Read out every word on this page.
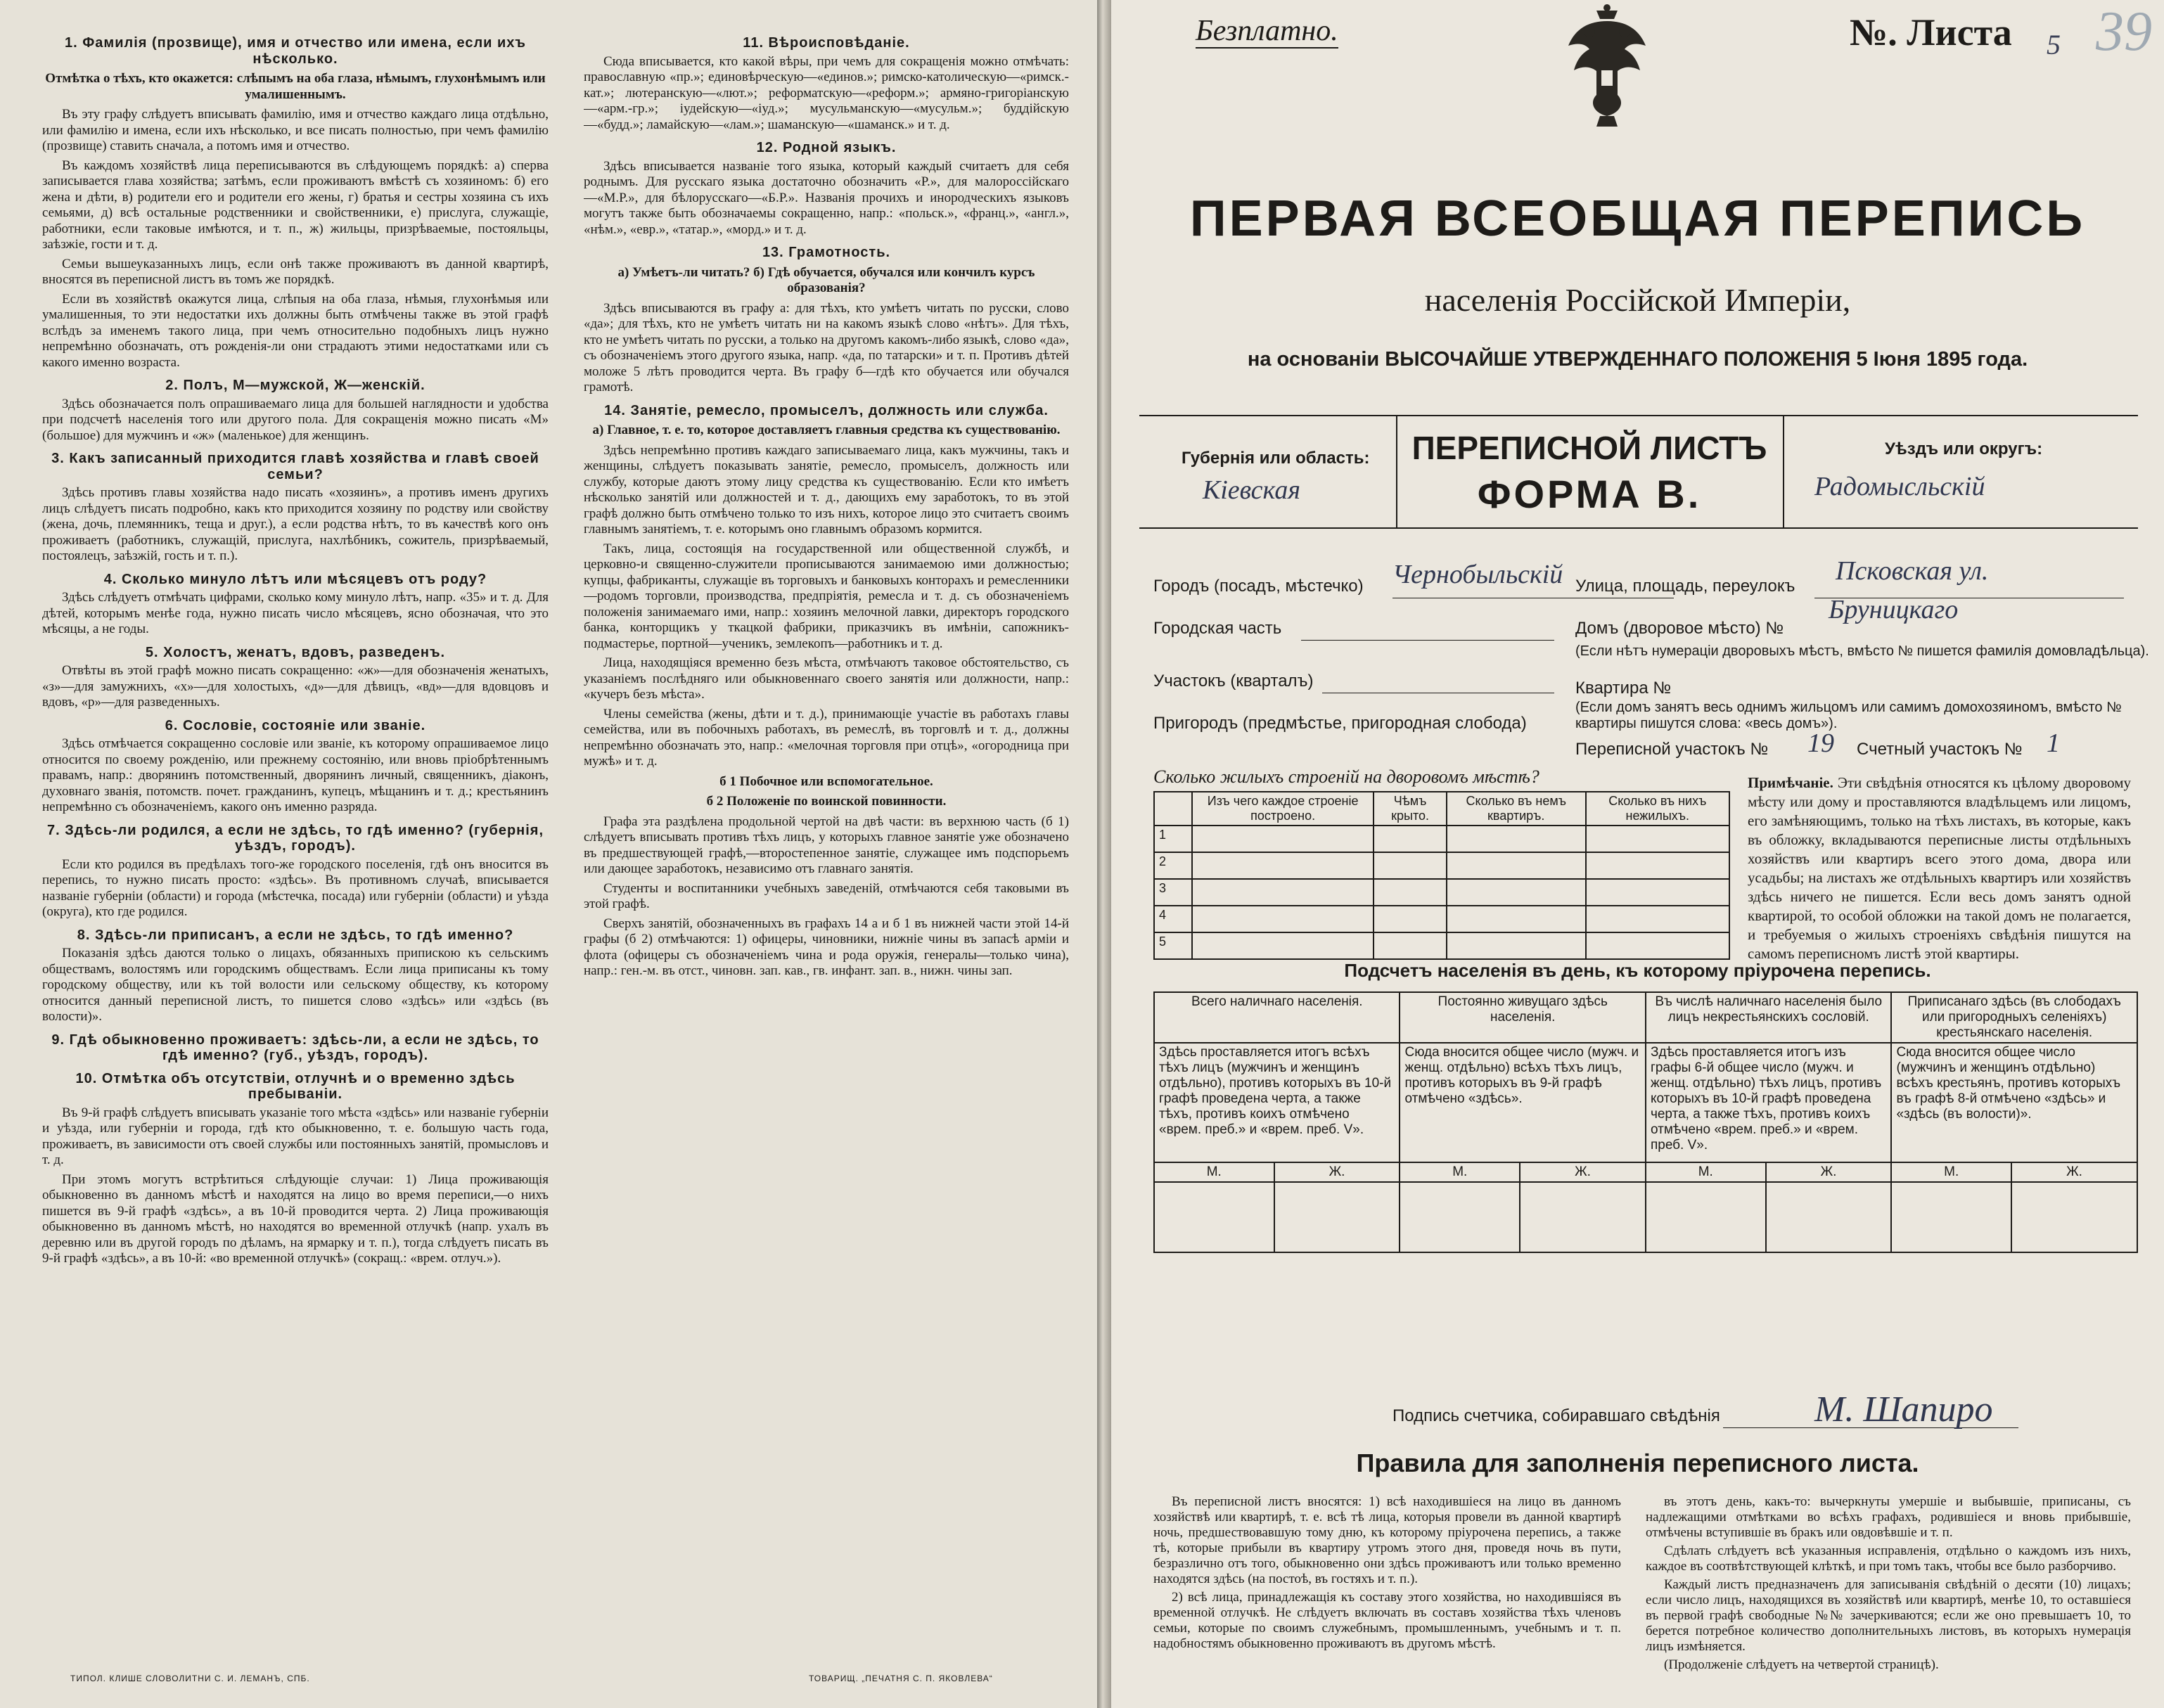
1. Фамилія (прозвище), имя и отчество или имена, если ихъ нѣсколько.
Отмѣтка о тѣхъ, кто окажется: слѣпымъ на оба глаза, нѣмымъ, глухонѣмымъ или умалишеннымъ.

Въ эту графу слѣдуетъ вписывать фамилію, имя и отчество каждаго лица отдѣльно, или фамилію и имена, если ихъ нѣсколько, и все писать полностью, при чемъ фамилію (прозвище) ставить сначала, а потомъ имя и отчество.

Въ каждомъ хозяйствѣ лица переписываются въ слѣдующемъ порядкѣ: а) сперва записывается глава хозяйства; затѣмъ, если проживаютъ вмѣстѣ съ хозяиномъ: б) его жена и дѣти, в) родители его и родители его жены, г) братья и сестры хозяина съ ихъ семьями, д) всѣ остальные родственники и свойственники, е) прислуга, служащіе, работники, если таковые имѣются, и т. п., ж) жильцы, призрѣваемые, постояльцы, заѣзжіе, гости и т. д.

Семьи вышеуказанныхъ лицъ, если онѣ также проживаютъ въ данной квартирѣ, вносятся въ переписной листъ въ томъ же порядкѣ.

Если въ хозяйствѣ окажутся лица, слѣпыя на оба глаза, нѣмыя, глухонѣмыя или умалишенныя, то эти недостатки ихъ должны быть отмѣчены также въ этой графѣ вслѣдъ за именемъ такого лица, при чемъ относительно подобныхъ лицъ нужно непремѣнно обозначать, отъ рожденія-ли они страдаютъ этими недостатками или съ какого именно возраста.

2. Полъ, М—мужской, Ж—женскій.

Здѣсь обозначается полъ опрашиваемаго лица для большей наглядности и удобства при подсчетѣ населенія того или другого пола. Для сокращенія можно писать «М» (большое) для мужчинъ и «ж» (маленькое) для женщинъ.

3. Какъ записанный приходится главѣ хозяйства и главѣ своей семьи?

Здѣсь противъ главы хозяйства надо писать «хозяинъ», а противъ именъ другихъ лицъ слѣдуетъ писать подробно, какъ кто приходится хозяину по родству или свойству (жена, дочь, племянникъ, теща и друг.), а если родства нѣтъ, то въ качествѣ кого онъ проживаетъ (работникъ, служащій, прислуга, нахлѣбникъ, сожитель, призрѣваемый, постоялецъ, заѣзжій, гость и т. п.).

4. Сколько минуло лѣтъ или мѣсяцевъ отъ роду?

Здѣсь слѣдуетъ отмѣчать цифрами, сколько кому минуло лѣтъ, напр. «35» и т. д. Для дѣтей, которымъ менѣе года, нужно писать число мѣсяцевъ, ясно обозначая, что это мѣсяцы, а не годы.

5. Холостъ, женатъ, вдовъ, разведенъ.

Отвѣты въ этой графѣ можно писать сокращенно: «ж»—для обозначенія женатыхъ, «з»—для замужнихъ, «х»—для холостыхъ, «д»—для дѣвицъ, «вд»—для вдовцовъ и вдовъ, «р»—для разведенныхъ.

6. Сословіе, состояніе или званіе.

Здѣсь отмѣчается сокращенно сословіе или званіе, къ которому опрашиваемое лицо относится по своему рожденію, или прежнему состоянію, или вновь пріобрѣтеннымъ правамъ, напр.: дворянинъ потомственный, дворянинъ личный, священникъ, діаконъ, духовнаго званія, потомств. почет. гражданинъ, купецъ, мѣщанинъ и т. д.; крестьянинъ непремѣнно съ обозначеніемъ, какого онъ именно разряда.

7. Здѣсь-ли родился, а если не здѣсь, то гдѣ именно? (губернія, уѣздъ, городъ).

Если кто родился въ предѣлахъ того-же городского поселенія, гдѣ онъ вносится въ перепись, то нужно писать просто: «здѣсь». Въ противномъ случаѣ, вписывается названіе губерніи (области) и города (мѣстечка, посада) или губерніи (области) и уѣзда (округа), кто где родился.

8. Здѣсь-ли приписанъ, а если не здѣсь, то гдѣ именно?

Показанія здѣсь даются только о лицахъ, обязанныхъ припискою къ сельскимъ обществамъ, волостямъ или городскимъ обществамъ. Если лица приписаны къ тому городскому обществу, или къ той волости или сельскому обществу, къ которому относится данный переписной листъ, то пишется слово «здѣсь» или «здѣсь (въ волости)».

9. Гдѣ обыкновенно проживаетъ: здѣсь-ли, а если не здѣсь, то гдѣ именно? (губ., уѣздъ, городъ).
10. Отмѣтка объ отсутствіи, отлучнѣ и о временно здѣсь пребываніи.

Въ 9-й графѣ слѣдуетъ вписывать указаніе того мѣста «здѣсь» или названіе губерніи и уѣзда, или губерніи и города, гдѣ кто обыкновенно, т. е. большую часть года, проживаетъ, въ зависимости отъ своей службы или постоянныхъ занятій, промысловъ и т. д.

При этомъ могутъ встрѣтиться слѣдующіе случаи: 1) Лица проживающія обыкновенно въ данномъ мѣстѣ и находятся на лицо во время переписи,—о нихъ пишется въ 9-й графѣ «здѣсь», а въ 10-й проводится черта. 2) Лица проживающія обыкновенно въ данномъ мѣстѣ, но находятся во временной отлучкѣ (напр. ухалъ въ деревню или въ другой городъ по дѣламъ, на ярмарку и т. п.), тогда слѣдуетъ писать въ 9-й графѣ «здѣсь», а въ 10-й: «во временной отлучкѣ» (сокращ.: «врем. отлуч.»).

11. Вѣроисповѣданіе.

Сюда вписывается, кто какой вѣры, при чемъ для сокращенія можно отмѣчать: православную «пр.»; единовѣрческую—«единов.»; римско-католическую—«римск.-кат.»; лютеранскую—«лют.»; реформатскую—«реформ.»; армяно-григоріанскую—«арм.-гр.»; іудейскую—«іуд.»; мусульманскую—«мусульм.»; буддійскую—«будд.»; ламайскую—«лам.»; шаманскую—«шаманск.» и т. д.

12. Родной языкъ.

Здѣсь вписывается названіе того языка, который каждый считаетъ для себя роднымъ. Для русскаго языка достаточно обозначить «Р.», для малороссійскаго—«М.Р.», для бѣлорусскаго—«Б.Р.». Названія прочихъ и инородческихъ языковъ могутъ также быть обозначаемы сокращенно, напр.: «польск.», «франц.», «англ.», «нѣм.», «евр.», «татар.», «морд.» и т. д.

13. Грамотность.
а) Умѣетъ-ли читать? б) Гдѣ обучается, обучался или кончилъ курсъ образованія?

Здѣсь вписываются въ графу а: для тѣхъ, кто умѣетъ читать по русски, слово «да»; для тѣхъ, кто не умѣетъ читать ни на какомъ языкѣ слово «нѣтъ». Для тѣхъ, кто не умѣетъ читать по русски, а только на другомъ какомъ-либо языкѣ, слово «да», съ обозначеніемъ этого другого языка, напр. «да, по татарски» и т. п. Противъ дѣтей моложе 5 лѣтъ проводится черта. Въ графу б—гдѣ кто обучается или обучался грамотѣ.

14. Занятіе, ремесло, промыселъ, должность или служба.
а) Главное, т. е. то, которое доставляетъ главныя средства къ существованію.

Здѣсь непремѣнно противъ каждаго записываемаго лица, какъ мужчины, такъ и женщины, слѣдуетъ показывать занятіе, ремесло, промыселъ, должность или службу, которые даютъ этому лицу средства къ существованію. Если кто имѣетъ нѣсколько занятій или должностей и т. д., дающихъ ему заработокъ, то въ этой графѣ должно быть отмѣчено только то изъ нихъ, которое лицо это считаетъ своимъ главнымъ занятіемъ, т. е. которымъ оно главнымъ образомъ кормится.

Такъ, лица, состоящія на государственной или общественной службѣ, и церковно-и священно-служители прописываются занимаемою ими должностью; купцы, фабриканты, служащіе въ торговыхъ и банковыхъ конторахъ и ремесленники—родомъ торговли, производства, предпріятія, ремесла и т. д. съ обозначеніемъ положенія занимаемаго ими, напр.: хозяинъ мелочной лавки, директоръ городского банка, конторщикъ у ткацкой фабрики, приказчикъ въ имѣніи, сапожникъ-подмастерье, портной—ученикъ, землекопъ—работникъ и т. д.

Лица, находящіяся временно безъ мѣста, отмѣчаютъ таковое обстоятельство, съ указаніемъ послѣдняго или обыкновеннаго своего занятія или должности, напр.: «кучеръ безъ мѣста».

Члены семейства (жены, дѣти и т. д.), принимающіе участіе въ работахъ главы семейства, или въ побочныхъ работахъ, въ ремеслѣ, въ торговлѣ и т. д., должны непремѣнно обозначать это, напр.: «мелочная торговля при отцѣ», «огородница при мужѣ» и т. д.

б 1 Побочное или вспомогательное.
б 2 Положеніе по воинской повинности.

Графа эта раздѣлена продольной чертой на двѣ части: въ верхнюю часть (б 1) слѣдуетъ вписывать противъ тѣхъ лицъ, у которыхъ главное занятіе уже обозначено въ предшествующей графѣ,—второстепенное занятіе, служащее имъ подспорьемъ или дающее заработокъ, независимо отъ главнаго занятія.

Студенты и воспитанники учебныхъ заведеній, отмѣчаются себя таковыми въ этой графѣ.

Сверхъ занятій, обозначенныхъ въ графахъ 14 а и б 1 въ нижней части этой 14-й графы (б 2) отмѣчаются: 1) офицеры, чиновники, нижніе чины въ запасѣ арміи и флота (офицеры съ обозначеніемъ чина и рода оружія, генералы—только чина), напр.: ген.-м. въ отст., чиновн. зап. кав., гв. инфант. зап. в., нижн. чины зап.

ТИПОЛ. КЛИШЕ СЛОВОЛИТНИ С. И. ЛЕМАНЪ, СПБ.	ТОВАРИЩ. „ПЕЧАТНЯ С. П. ЯКОВЛЕВА“
Безплатно.	№. Листа 5 39
ПЕРВАЯ ВСЕОБЩАЯ ПЕРЕПИСЬ
населенія Россійской Имперіи,
на основаніи ВЫСОЧАЙШЕ УТВЕРЖДЕННАГО ПОЛОЖЕНІЯ 5 Іюня 1895 года.
Губернія или область:
Кіевская
ПЕРЕПИСНОЙ ЛИСТЪ
ФОРМА В.
Уѣздъ или округъ:
Радомысльскій
Городъ (посадъ, мѣстечко) Чернобыльскій Улица, площадь, переулокъ
Псковская ул.
Городская часть	Домъ (дворовое мѣсто) №
Бруницкаго
(Если нѣтъ нумераціи дворовыхъ мѣстъ, вмѣсто № пишется фамилія домовладѣльца).
Участокъ (кварталъ)	Квартира №
(Если домъ занятъ весь однимъ жильцомъ или самимъ домохозяиномъ, вмѣсто № квартиры пишутся слова: «весь домъ»).
Пригородъ (предмѣстье, пригородная слобода)
Переписной участокъ № 19 Счетный участокъ № 1
Сколько жилыхъ строеній на дворовомъ мѣстѣ?
	Изъ чего каждое строеніе построено.	Чѣмъ крыто.	Сколько въ немъ квартиръ.	Сколько въ нихъ нежилыхъ.
1				
2				
3				
4				
5				
Примѣчаніе. Эти свѣдѣнія относятся къ цѣлому дворовому мѣсту или дому и проставляются владѣльцемъ или лицомъ, его замѣняющимъ, только на тѣхъ листахъ, въ которые, какъ въ обложку, вкладываются переписные листы отдѣльныхъ хозяйствъ или квартиръ всего этого дома, двора или усадьбы; на листахъ же отдѣльныхъ квартиръ или хозяйствъ здѣсь ничего не пишется. Если весь домъ занятъ одной квартирой, то особой обложки на такой домъ не полагается, и требуемыя о жилыхъ строеніяхъ свѣдѣнія пишутся на самомъ переписномъ листѣ этой квартиры.
Подсчетъ населенія въ день, къ которому пріурочена перепись.
Всего наличнаго населенія.		Постоянно живущаго здѣсь населенія.		Въ числѣ наличнаго населенія было лицъ некрестьянскихъ сословій.		Приписанаго здѣсь (въ слободахъ или пригородныхъ селеніяхъ) крестьянскаго населенія.	
Здѣсь проставляется итогъ всѣхъ тѣхъ лицъ (мужчинъ и женщинъ отдѣльно), противъ которыхъ въ 10-й графѣ проведена черта, а также тѣхъ, противъ коихъ отмѣчено «врем. преб.» и «врем. преб. V».		Сюда вносится общее число (мужч. и женщ. отдѣльно) всѣхъ тѣхъ лицъ, противъ которыхъ въ 9-й графѣ отмѣчено «здѣсь».		Здѣсь проставляется итогъ изъ графы 6-й общее число (мужч. и женщ. отдѣльно) тѣхъ лицъ, противъ которыхъ въ 10-й графѣ проведена черта, а также тѣхъ, противъ коихъ отмѣчено «врем. преб.» и «врем. преб. V».		Сюда вносится общее число (мужчинъ и женщинъ отдѣльно) всѣхъ крестьянъ, противъ которыхъ въ графѣ 8-й отмѣчено «здѣсь» и «здѣсь (въ волости)».	
М.	Ж.	М.	Ж.	М.	Ж.	М.	Ж.

Подпись счетчика, собиравшаго свѣдѣнія	М. Шапиро
Правила для заполненія переписного листа.

Въ переписной листъ вносятся: 1) всѣ находившіеся на лицо въ данномъ хозяйствѣ или квартирѣ, т. е. всѣ тѣ лица, которыя провели въ данной квартирѣ ночь, предшествовавшую тому дню, къ которому пріурочена перепись, а также тѣ, которые прибыли въ квартиру утромъ этого дня, проведя ночь въ пути, безразлично отъ того, обыкновенно они здѣсь проживаютъ или только временно находятся здѣсь (на постоѣ, въ гостяхъ и т. п.).

2) всѣ лица, принадлежащія къ составу этого хозяйства, но находившіяся въ временной отлучкѣ. Не слѣдуетъ включать въ составъ хозяйства тѣхъ членовъ семьи, которые по своимъ служебнымъ, промышленнымъ, учебнымъ и т. п. надобностямъ обыкновенно проживаютъ въ другомъ мѣстѣ.

въ этотъ день, какъ-то: вычеркнуты умершіе и выбывшіе, приписаны, съ надлежащими отмѣтками во всѣхъ графахъ, родившіеся и вновь прибывшіе, отмѣчены вступившіе въ бракъ или овдовѣвшіе и т. п.

Сдѣлать слѣдуетъ всѣ указанныя исправленія, отдѣльно о каждомъ изъ нихъ, каждое въ соотвѣтствующей клѣткѣ, и при томъ такъ, чтобы все было разборчиво.

Каждый листъ предназначенъ для записыванія свѣдѣній о десяти (10) лицахъ; если число лицъ, находящихся въ хозяйствѣ или квартирѣ, менѣе 10, то оставшіеся въ первой графѣ свободные №№ зачеркиваются; если же оно превышаетъ 10, то берется потребное количество дополнительныхъ листовъ, въ которыхъ нумерація лицъ измѣняется.

(Продолженіе слѣдуетъ на четвертой страницѣ).
